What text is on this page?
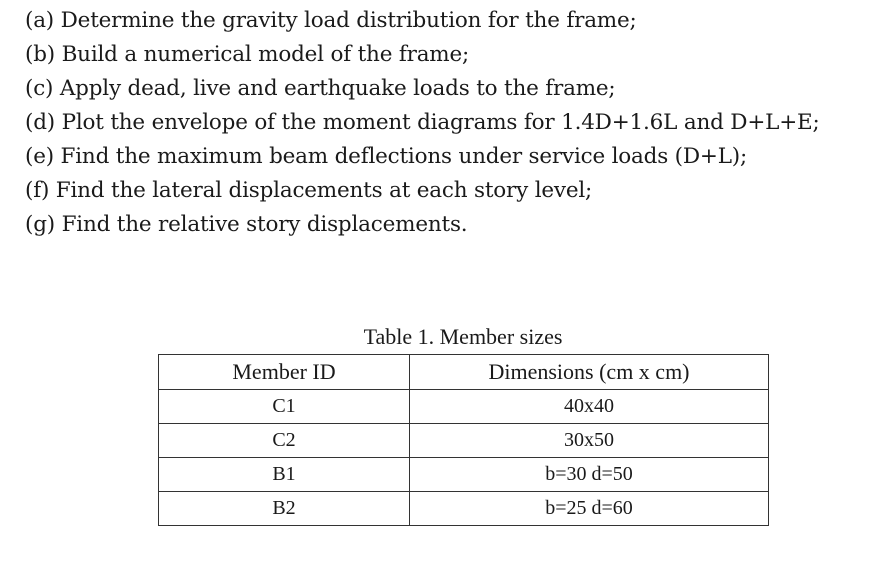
(a) Determine the gravity load distribution for the frame;
(b) Build a numerical model of the frame;
(c) Apply dead, live and earthquake loads to the frame;
(d) Plot the envelope of the moment diagrams for 1.4D+1.6L and D+L+E;
(e) Find the maximum beam deflections under service loads (D+L);
(f) Find the lateral displacements at each story level;
(g) Find the relative story displacements.
Table 1. Member sizes
Member ID	Dimensions (cm x cm)
C1	40x40
C2	30x50
B1	b=30 d=50
B2	b=25 d=60
